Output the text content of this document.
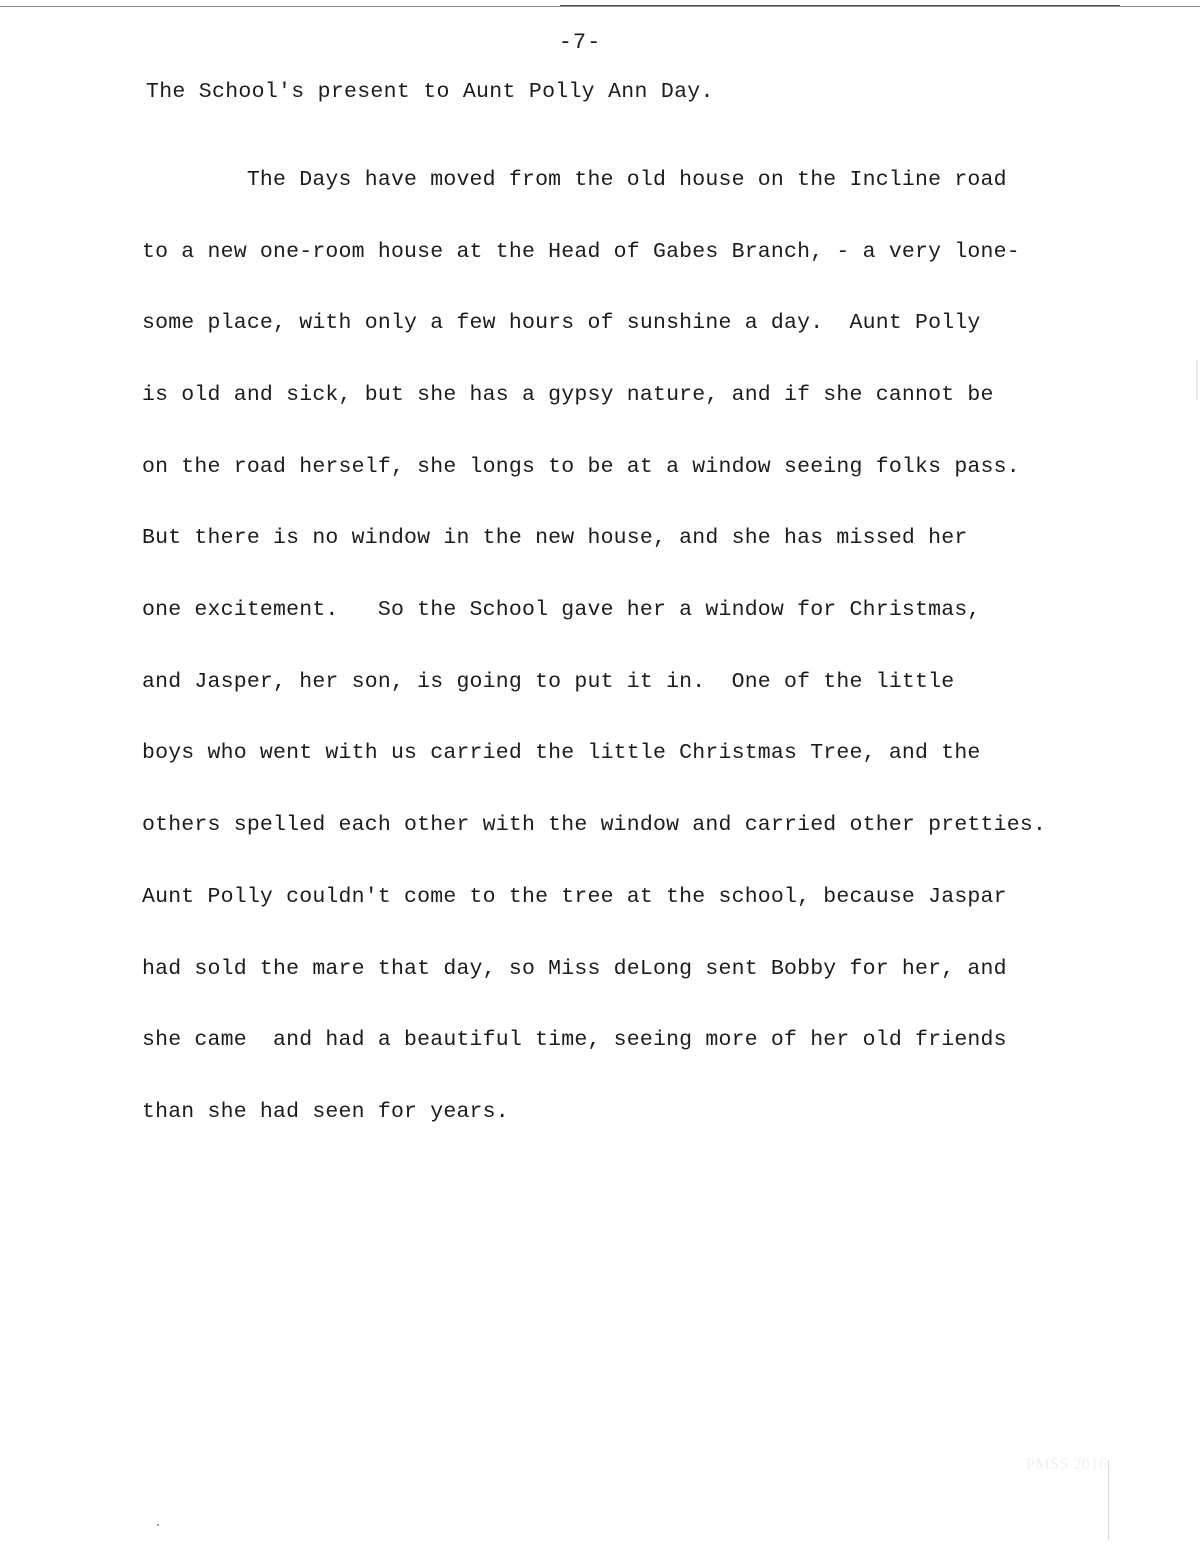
-7-
The School's present to Aunt Polly Ann Day.

The Days have moved from the old house on the Incline road

to a new one-room house at the Head of Gabes Branch, - a very lone-

some place, with only a few hours of sunshine a day.  Aunt Polly

is old and sick, but she has a gypsy nature, and if she cannot be

on the road herself, she longs to be at a window seeing folks pass.

But there is no window in the new house, and she has missed her

one excitement.   So the School gave her a window for Christmas,

and Jasper, her son, is going to put it in.  One of the little

boys who went with us carried the little Christmas Tree, and the

others spelled each other with the window and carried other pretties.

Aunt Polly couldn't come to the tree at the school, because Jaspar

had sold the mare that day, so Miss deLong sent Bobby for her, and

she came  and had a beautiful time, seeing more of her old friends

than she had seen for years.

PMSS 2016
